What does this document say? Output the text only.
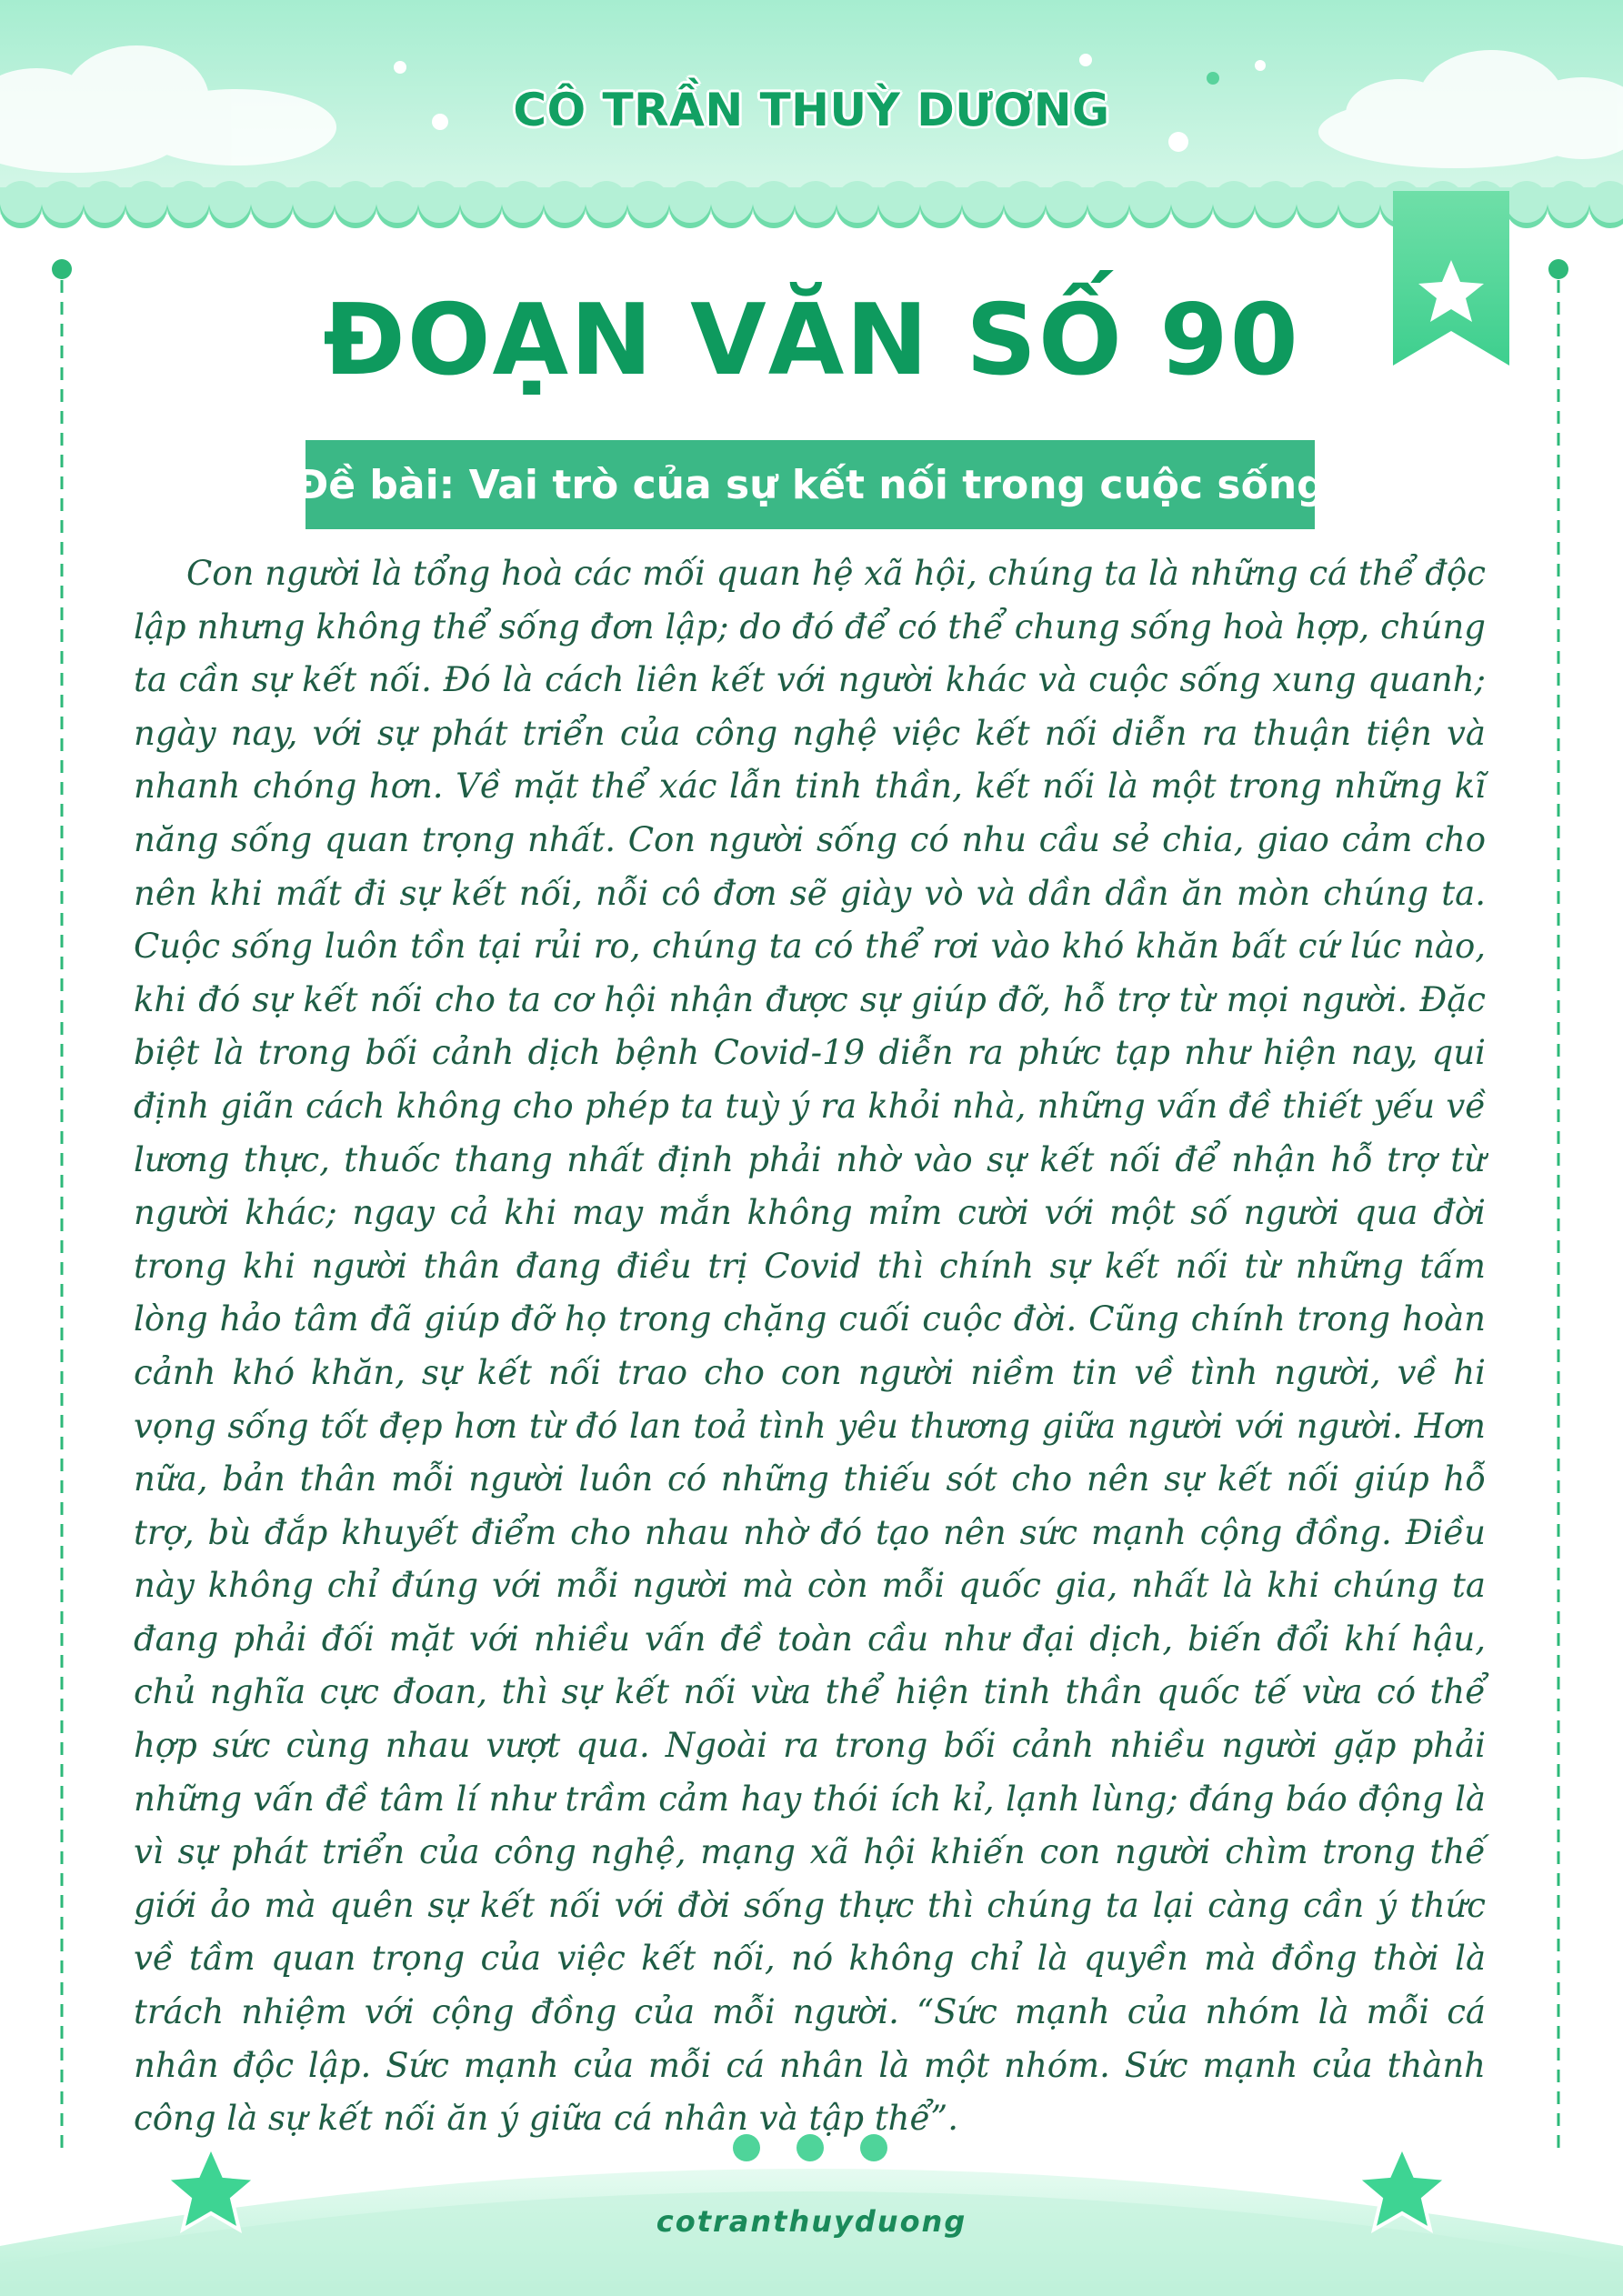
CÔ TRẦN THUỲ DƯƠNG
ĐOẠN VĂN SỐ 90
Đề bài: Vai trò của sự kết nối trong cuộc sống

Con người là tổng hoà các mối quan hệ xã hội, chúng ta là những cá thể độc lập nhưng không thể sống đơn lập; do đó để có thể chung sống hoà hợp, chúng ta cần sự kết nối. Đó là cách liên kết với người khác và cuộc sống xung quanh; ngày nay, với sự phát triển của công nghệ việc kết nối diễn ra thuận tiện và nhanh chóng hơn. Về mặt thể xác lẫn tinh thần, kết nối là một trong những kĩ năng sống quan trọng nhất. Con người sống có nhu cầu sẻ chia, giao cảm cho nên khi mất đi sự kết nối, nỗi cô đơn sẽ giày vò và dần dần ăn mòn chúng ta. Cuộc sống luôn tồn tại rủi ro, chúng ta có thể rơi vào khó khăn bất cứ lúc nào, khi đó sự kết nối cho ta cơ hội nhận được sự giúp đỡ, hỗ trợ từ mọi người. Đặc biệt là trong bối cảnh dịch bệnh Covid-19 diễn ra phức tạp như hiện nay, qui định giãn cách không cho phép ta tuỳ ý ra khỏi nhà, những vấn đề thiết yếu về lương thực, thuốc thang nhất định phải nhờ vào sự kết nối để nhận hỗ trợ từ người khác; ngay cả khi may mắn không mỉm cười với một số người qua đời trong khi người thân đang điều trị Covid thì chính sự kết nối từ những tấm lòng hảo tâm đã giúp đỡ họ trong chặng cuối cuộc đời. Cũng chính trong hoàn cảnh khó khăn, sự kết nối trao cho con người niềm tin về tình người, về hi vọng sống tốt đẹp hơn từ đó lan toả tình yêu thương giữa người với người. Hơn nữa, bản thân mỗi người luôn có những thiếu sót cho nên sự kết nối giúp hỗ trợ, bù đắp khuyết điểm cho nhau nhờ đó tạo nên sức mạnh cộng đồng. Điều này không chỉ đúng với mỗi người mà còn mỗi quốc gia, nhất là khi chúng ta đang phải đối mặt với nhiều vấn đề toàn cầu như đại dịch, biến đổi khí hậu, chủ nghĩa cực đoan, thì sự kết nối vừa thể hiện tinh thần quốc tế vừa có thể hợp sức cùng nhau vượt qua. Ngoài ra trong bối cảnh nhiều người gặp phải những vấn đề tâm lí như trầm cảm hay thói ích kỉ, lạnh lùng; đáng báo động là vì sự phát triển của công nghệ, mạng xã hội khiến con người chìm trong thế giới ảo mà quên sự kết nối với đời sống thực thì chúng ta lại càng cần ý thức về tầm quan trọng của việc kết nối, nó không chỉ là quyền mà đồng thời là trách nhiệm với cộng đồng của mỗi người. “Sức mạnh của nhóm là mỗi cá nhân độc lập. Sức mạnh của mỗi cá nhân là một nhóm. Sức mạnh của thành công là sự kết nối ăn ý giữa cá nhân và tập thể”.

cotranthuyduong
